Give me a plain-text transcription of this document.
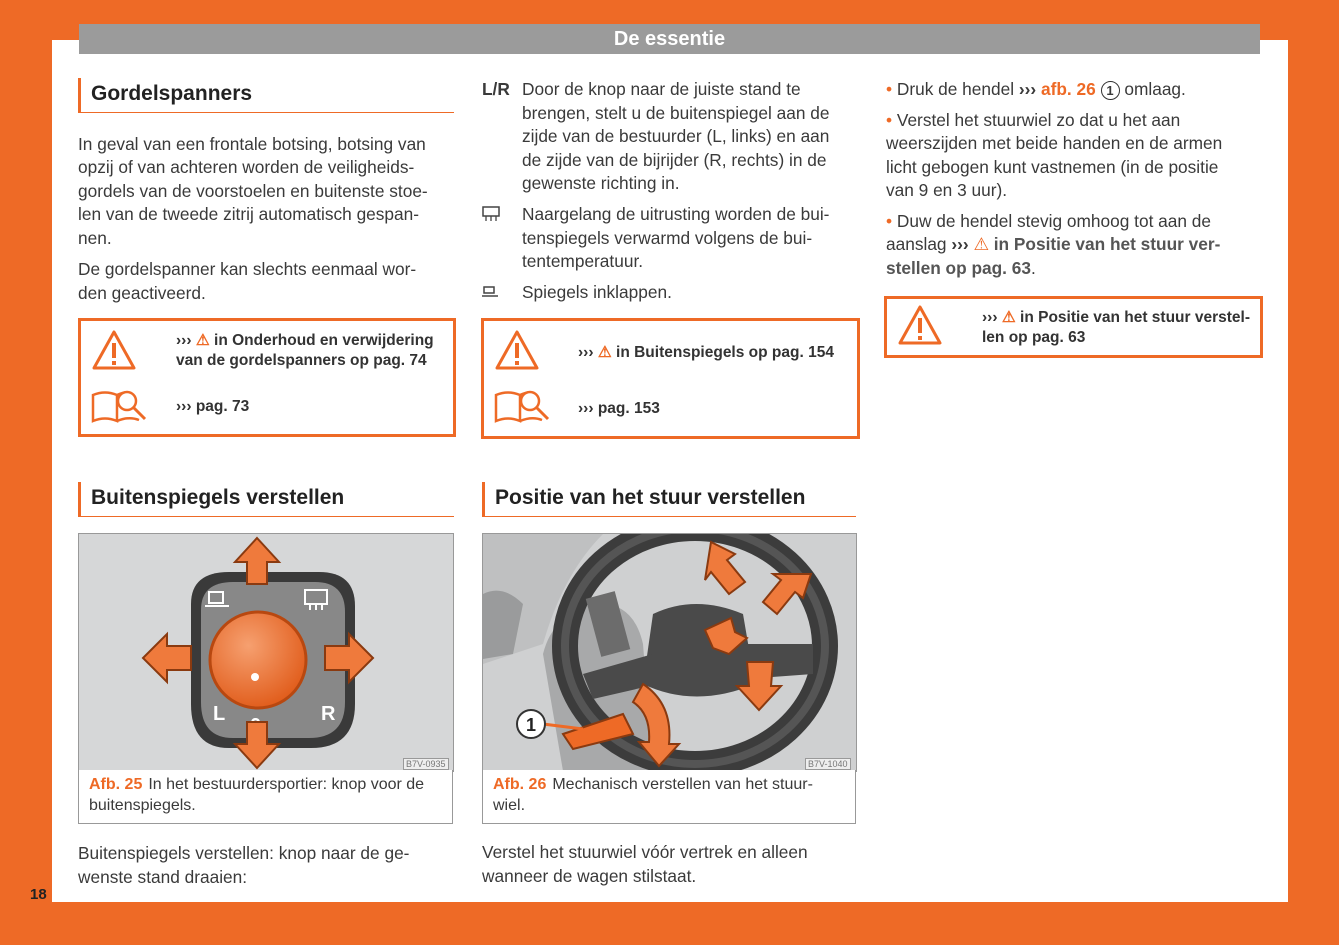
De essentie
18
Gordelspanners

In geval van een frontale botsing, botsing van

opzij of van achteren worden de veiligheids-

gordels van de voorstoelen en buitenste stoe-

len van de tweede zitrij automatisch gespan-

nen.

De gordelspanner kan slechts eenmaal wor-

den geactiveerd.

››› ⚠ in Onderhoud en verwijdering
van de gordelspanners op pag. 74
››› pag. 73
Buitenspiegels verstellen
L	R
B7V-0935
Afb. 25 In het bestuurdersportier: knop voor de
buitenspiegels.

Buitenspiegels verstellen: knop naar de ge-

wenste stand draaien:

L/R Door de knop naar de juiste stand te

brengen, stelt u de buitenspiegel aan de

zijde van de bestuurder (L, links) en aan

de zijde van de bijrijder (R, rechts) in de

gewenste richting in.

Naargelang de uitrusting worden de bui-

tenspiegels verwarmd volgens de bui-

tentemperatuur.

Spiegels inklappen.
››› ⚠ in Buitenspiegels op pag. 154
››› pag. 153
Positie van het stuur verstellen
1
B7V-1040
Afb. 26 Mechanisch verstellen van het stuur-
wiel.

Verstel het stuurwiel vóór vertrek en alleen

wanneer de wagen stilstaat.

• Druk de hendel ››› afb. 26 1 omlaag.

• Verstel het stuurwiel zo dat u het aan

weerszijden met beide handen en de armen

licht gebogen kunt vastnemen (in de positie

van 9 en 3 uur).

• Duw de hendel stevig omhoog tot aan de

aanslag ››› ⚠ in Positie van het stuur ver-

stellen op pag. 63.

››› ⚠ in Positie van het stuur verstel-
len op pag. 63
